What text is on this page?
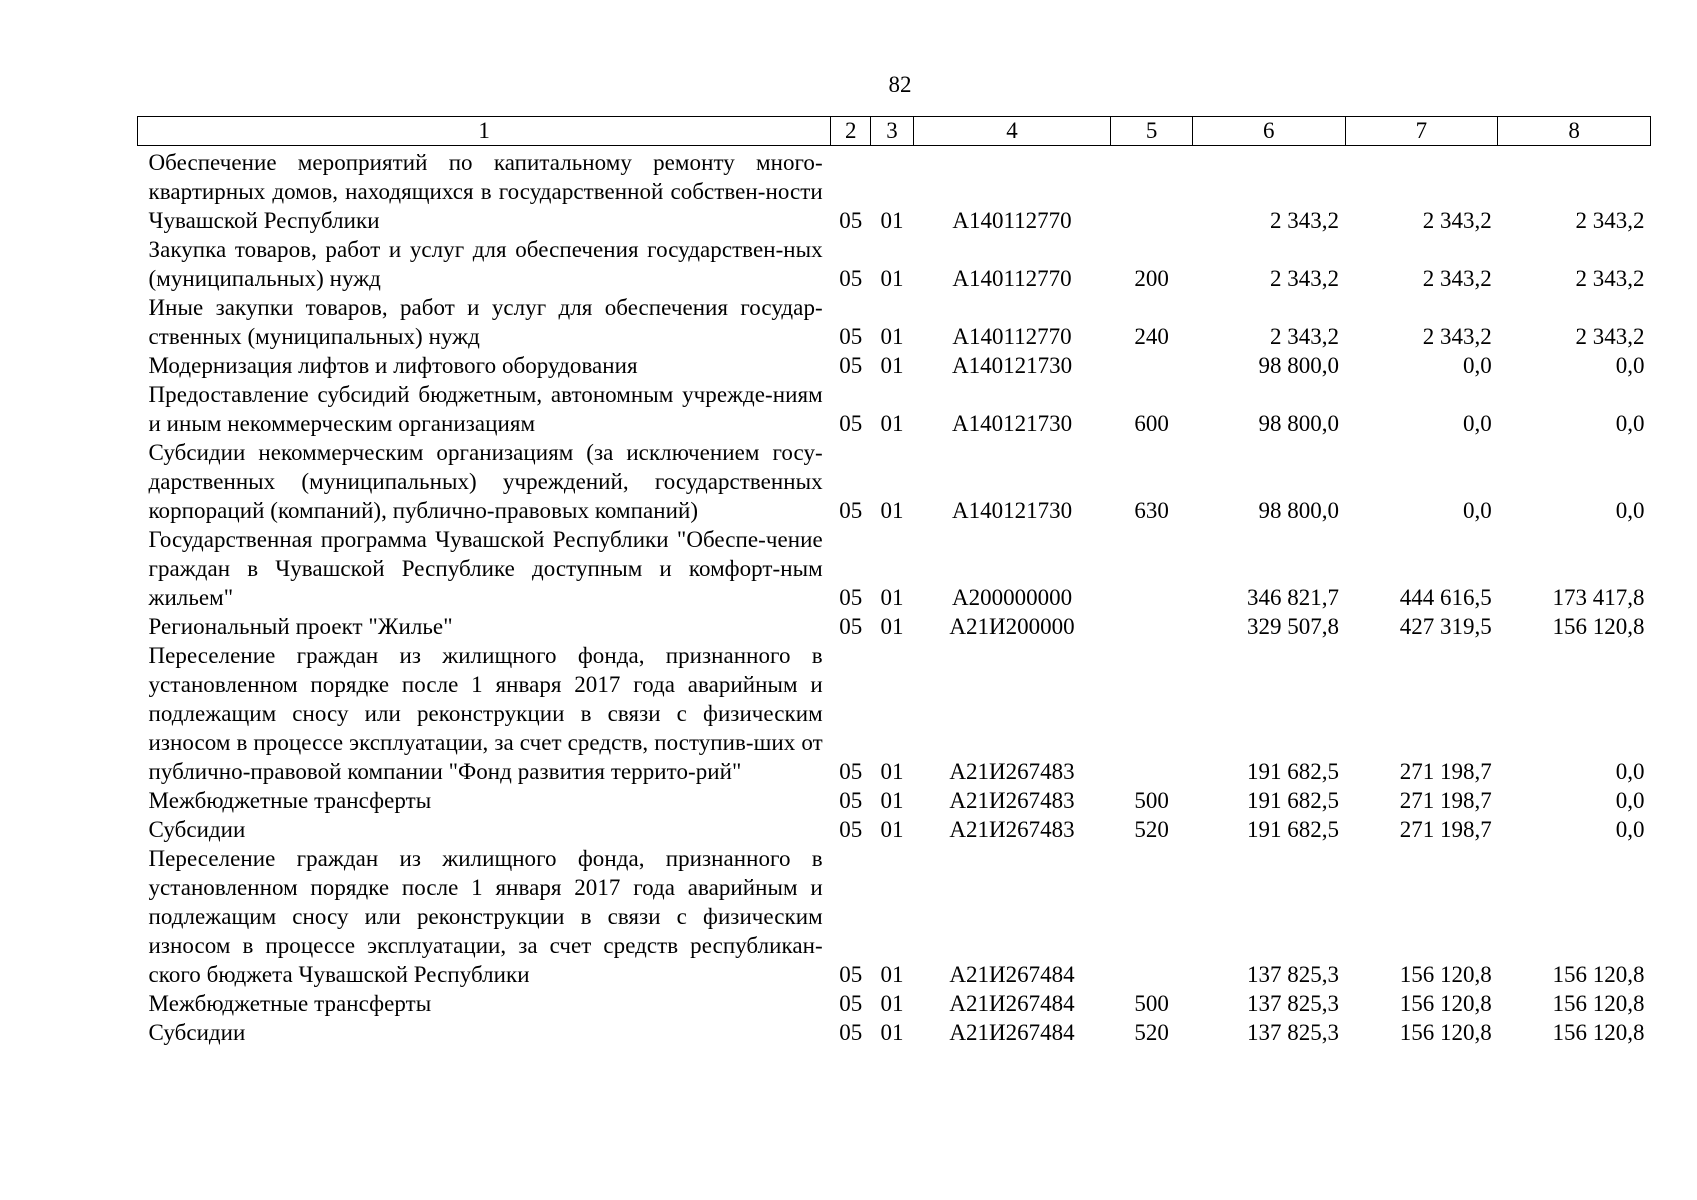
82
1	2	3	4	5	6	7	8
Обеспечение мероприятий по капитальному ремонту много-квартирных домов, находящихся в государственной собствен-ности Чувашской Республики	05	01	А140112770		2 343,2	2 343,2	2 343,2
Закупка товаров, работ и услуг для обеспечения государствен-ных (муниципальных) нужд	05	01	А140112770	200	2 343,2	2 343,2	2 343,2
Иные закупки товаров, работ и услуг для обеспечения государ-ственных (муниципальных) нужд	05	01	А140112770	240	2 343,2	2 343,2	2 343,2
Модернизация лифтов и лифтового оборудования	05	01	А140121730		98 800,0	0,0	0,0
Предоставление субсидий бюджетным, автономным учрежде-ниям и иным некоммерческим организациям	05	01	А140121730	600	98 800,0	0,0	0,0
Субсидии некоммерческим организациям (за исключением госу-дарственных (муниципальных) учреждений, государственных корпораций (компаний), публично-правовых компаний)	05	01	А140121730	630	98 800,0	0,0	0,0
Государственная программа Чувашской Республики "Обеспе-чение граждан в Чувашской Республике доступным и комфорт-ным жильем"	05	01	А200000000		346 821,7	444 616,5	173 417,8
Региональный проект "Жилье"	05	01	А21И200000		329 507,8	427 319,5	156 120,8
Переселение граждан из жилищного фонда, признанного в установленном порядке после 1 января 2017 года аварийным и подлежащим сносу или реконструкции в связи с физическим износом в процессе эксплуатации, за счет средств, поступив-ших от публично-правовой компании "Фонд развития террито-рий"	05	01	А21И267483		191 682,5	271 198,7	0,0
Межбюджетные трансферты	05	01	А21И267483	500	191 682,5	271 198,7	0,0
Субсидии	05	01	А21И267483	520	191 682,5	271 198,7	0,0
Переселение граждан из жилищного фонда, признанного в установленном порядке после 1 января 2017 года аварийным и подлежащим сносу или реконструкции в связи с физическим износом в процессе эксплуатации, за счет средств республикан-ского бюджета Чувашской Республики	05	01	А21И267484		137 825,3	156 120,8	156 120,8
Межбюджетные трансферты	05	01	А21И267484	500	137 825,3	156 120,8	156 120,8
Субсидии	05	01	А21И267484	520	137 825,3	156 120,8	156 120,8
